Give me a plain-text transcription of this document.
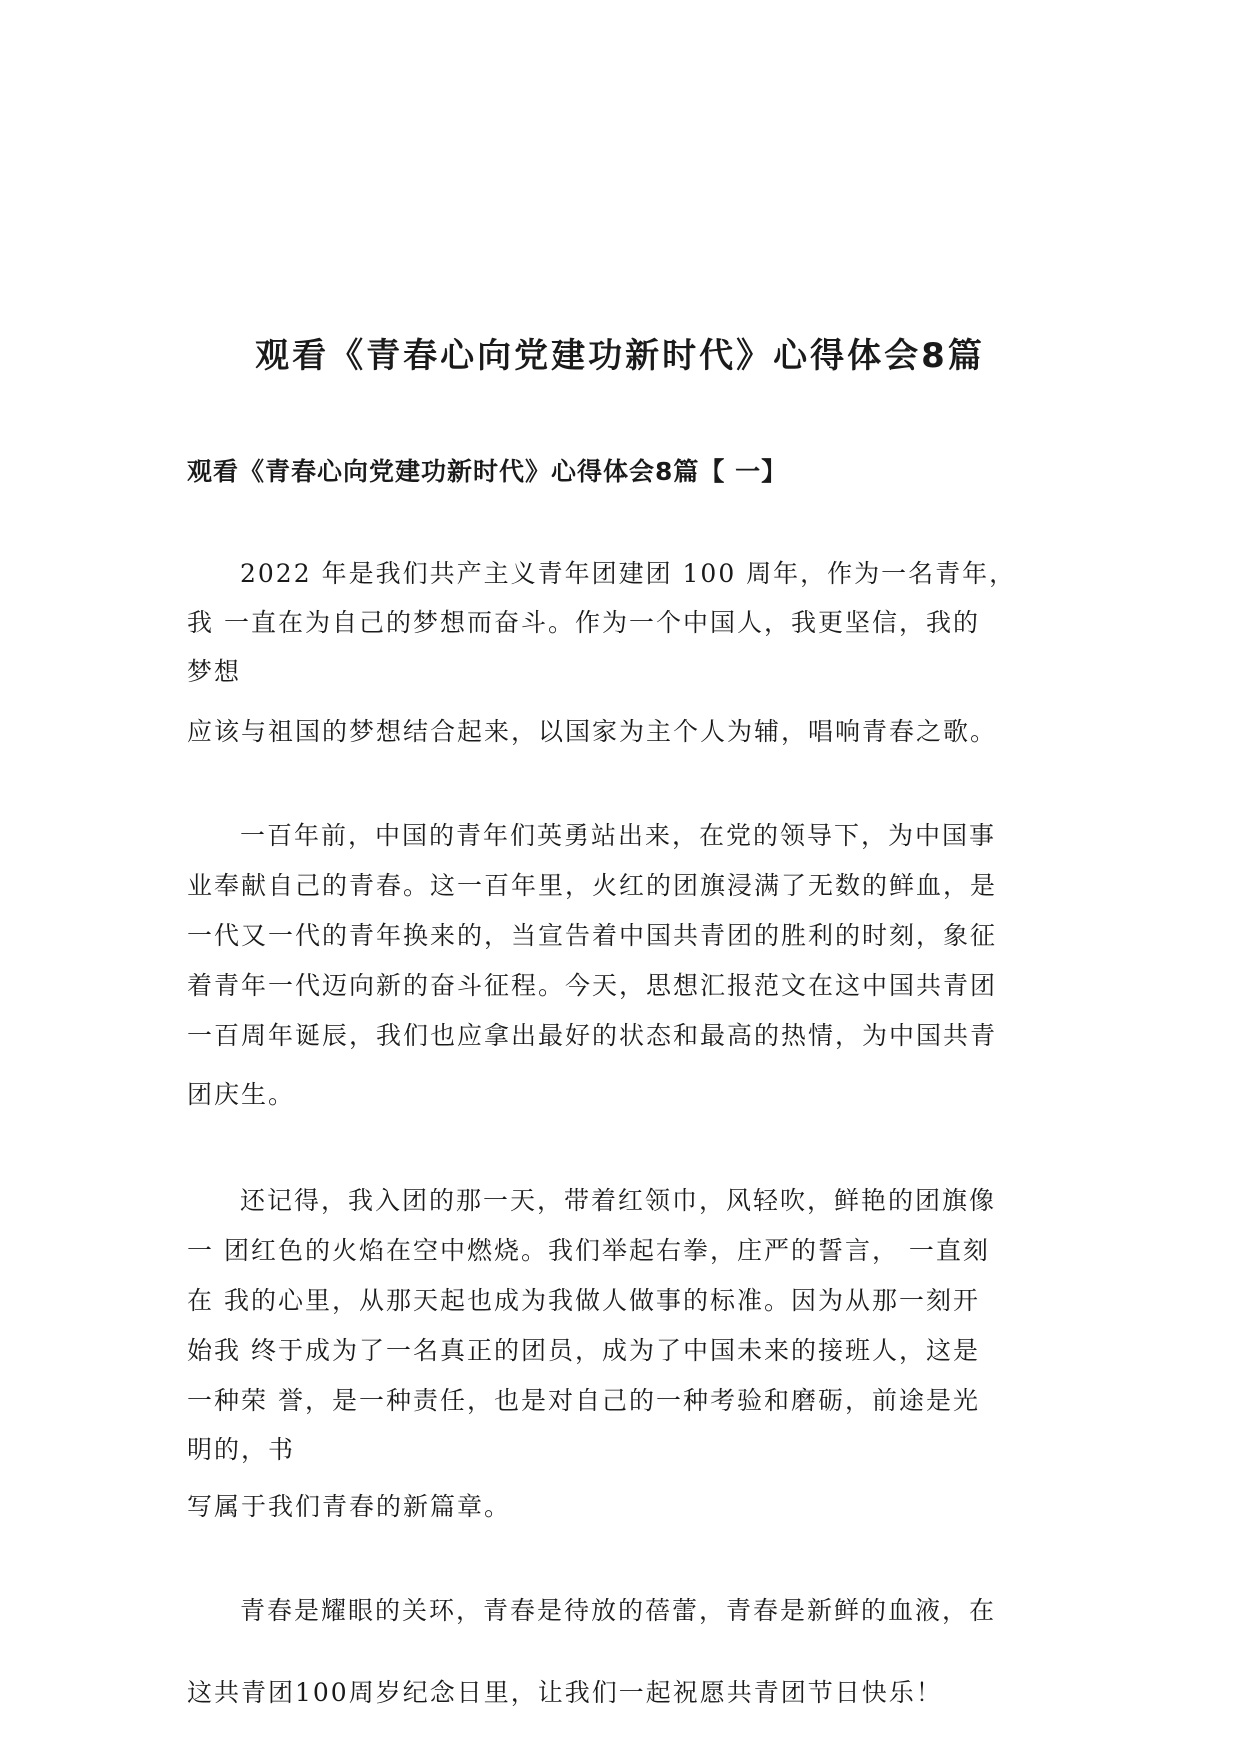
观看《青春心向党建功新时代》心得体会8篇
观看《青春心向党建功新时代》心得体会8篇【 一】

2022 年是我们共产主义青年团建团 100 周年，作为一名青年，

我 一直在为自己的梦想而奋斗。作为一个中国人，我更坚信，我的

梦想

应该与祖国的梦想结合起来，以国家为主个人为辅，唱响青春之歌。

一百年前，中国的青年们英勇站出来，在党的领导下，为中国事

业奉献自己的青春。这一百年里，火红的团旗浸满了无数的鲜血，是

一代又一代的青年换来的，当宣告着中国共青团的胜利的时刻，象征

着青年一代迈向新的奋斗征程。今天，思想汇报范文在这中国共青团

一百周年诞辰，我们也应拿出最好的状态和最高的热情，为中国共青

团庆生。

还记得，我入团的那一天，带着红领巾，风轻吹，鲜艳的团旗像

一 团红色的火焰在空中燃烧。我们举起右拳，庄严的誓言， 一直刻

在 我的心里，从那天起也成为我做人做事的标准。因为从那一刻开

始我 终于成为了一名真正的团员，成为了中国未来的接班人，这是

一种荣 誉，是一种责任，也是对自己的一种考验和磨砺，前途是光

明的，书

写属于我们青春的新篇章。

青春是耀眼的关环，青春是待放的蓓蕾，青春是新鲜的血液，在

这共青团100周岁纪念日里，让我们一起祝愿共青团节日快乐！
